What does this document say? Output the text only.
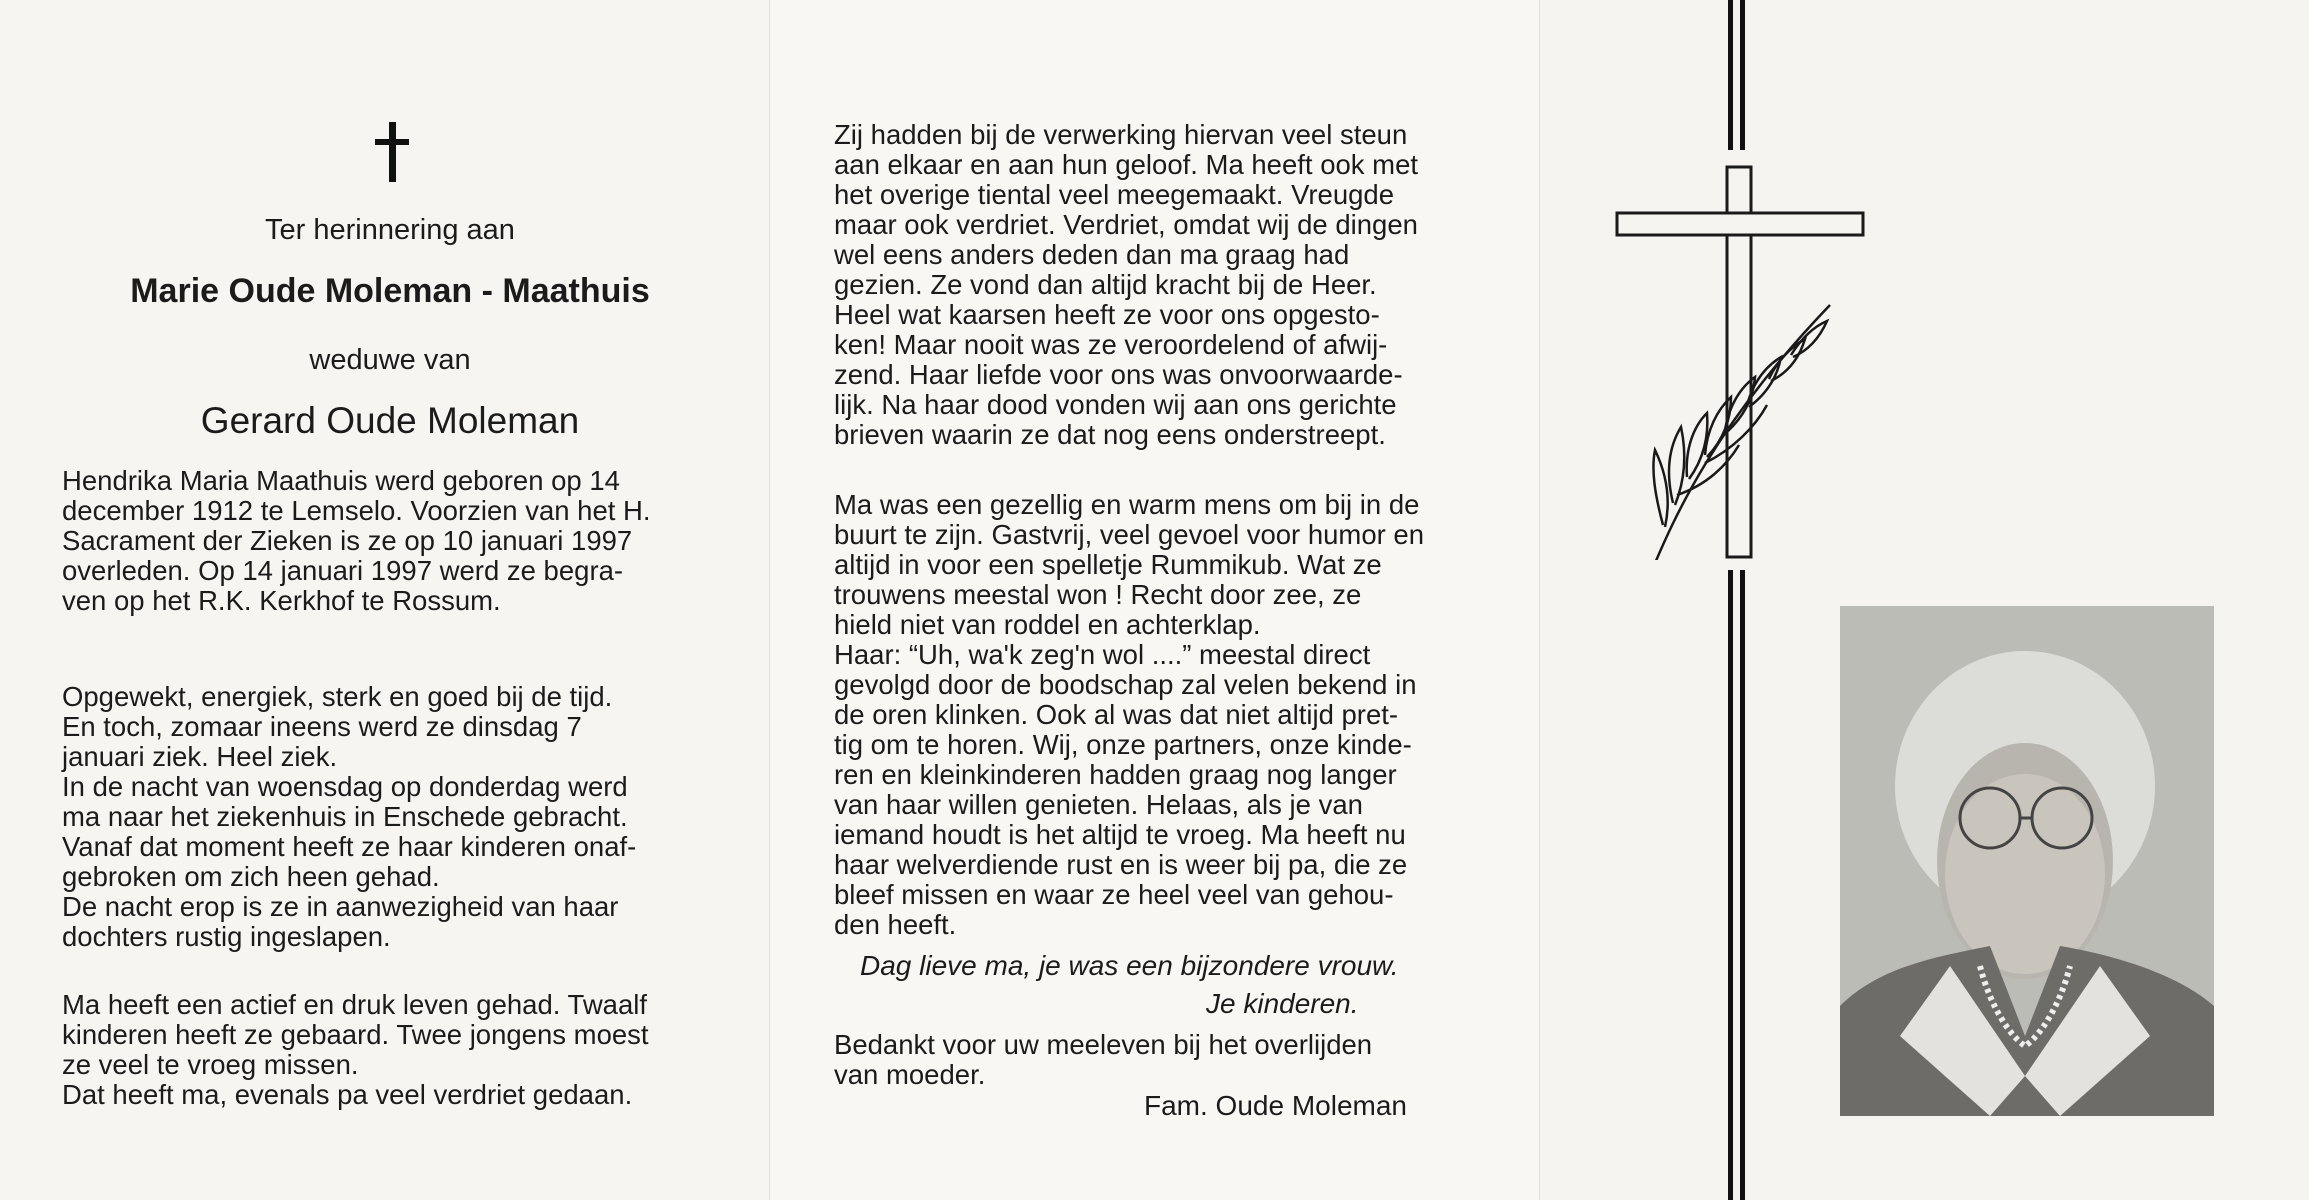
Ter herinnering aan
Marie Oude Moleman - Maathuis
weduwe van
Gerard Oude Moleman

Hendrika Maria Maathuis werd geboren op 14

december 1912 te Lemselo. Voorzien van het H.

Sacrament der Zieken is ze op 10 januari 1997

overleden. Op 14 januari 1997 werd ze begra-

ven op het R.K. Kerkhof te Rossum.

Opgewekt, energiek, sterk en goed bij de tijd.

En toch, zomaar ineens werd ze dinsdag 7

januari ziek. Heel ziek.

In de nacht van woensdag op donderdag werd

ma naar het ziekenhuis in Enschede gebracht.

Vanaf dat moment heeft ze haar kinderen onaf-

gebroken om zich heen gehad.

De nacht erop is ze in aanwezigheid van haar

dochters rustig ingeslapen.

Ma heeft een actief en druk leven gehad. Twaalf

kinderen heeft ze gebaard. Twee jongens moest

ze veel te vroeg missen.

Dat heeft ma, evenals pa veel verdriet gedaan.

Zij hadden bij de verwerking hiervan veel steun

aan elkaar en aan hun geloof. Ma heeft ook met

het overige tiental veel meegemaakt. Vreugde

maar ook verdriet. Verdriet, omdat wij de dingen

wel eens anders deden dan ma graag had

gezien. Ze vond dan altijd kracht bij de Heer.

Heel wat kaarsen heeft ze voor ons opgesto-

ken! Maar nooit was ze veroordelend of afwij-

zend. Haar liefde voor ons was onvoorwaarde-

lijk. Na haar dood vonden wij aan ons gerichte

brieven waarin ze dat nog eens onderstreept.

Ma was een gezellig en warm mens om bij in de

buurt te zijn. Gastvrij, veel gevoel voor humor en

altijd in voor een spelletje Rummikub. Wat ze

trouwens meestal won ! Recht door zee, ze

hield niet van roddel en achterklap.

Haar: “Uh, wa'k zeg'n wol ....” meestal direct

gevolgd door de boodschap zal velen bekend in

de oren klinken. Ook al was dat niet altijd pret-

tig om te horen. Wij, onze partners, onze kinde-

ren en kleinkinderen hadden graag nog langer

van haar willen genieten. Helaas, als je van

iemand houdt is het altijd te vroeg. Ma heeft nu

haar welverdiende rust en is weer bij pa, die ze

bleef missen en waar ze heel veel van gehou-

den heeft.

Dag lieve ma, je was een bijzondere vrouw.
Je kinderen.

Bedankt voor uw meeleven bij het overlijden

van moeder.

Fam. Oude Moleman
